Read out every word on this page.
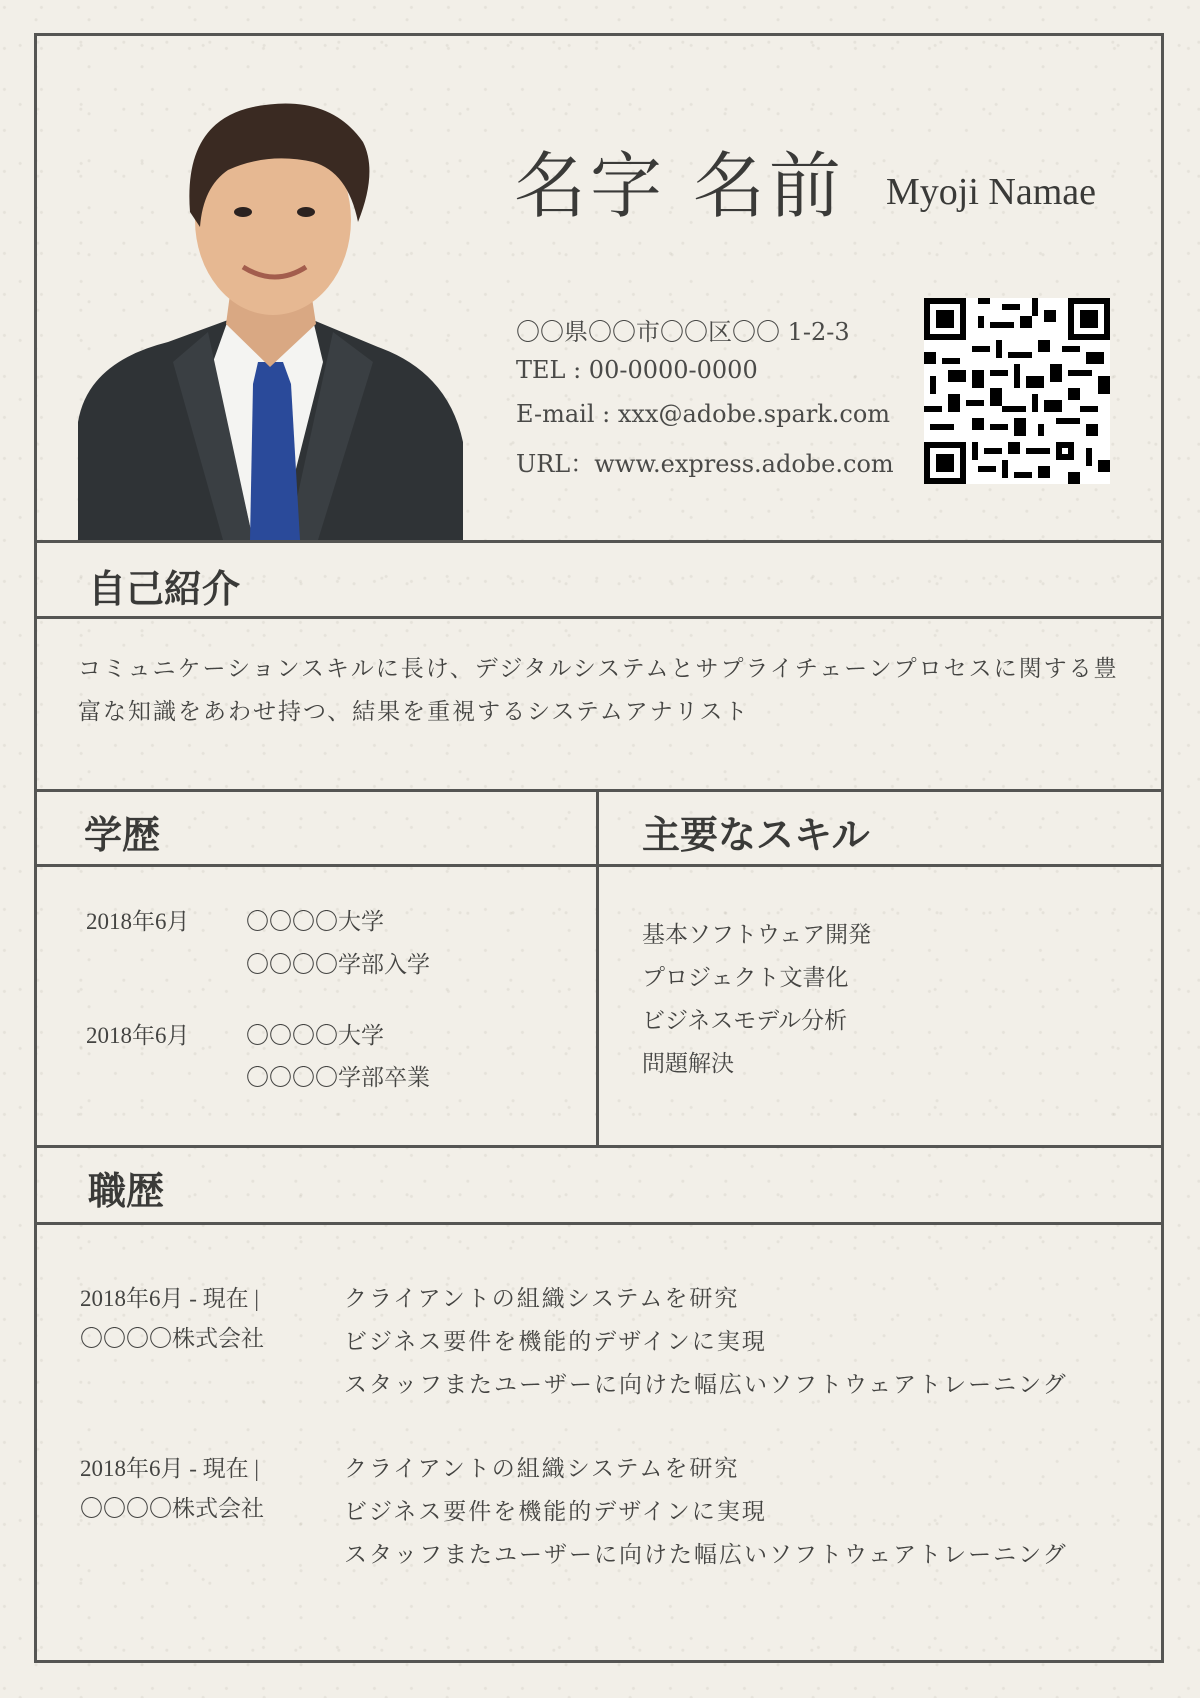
名字 名前 Myoji Namae

〇〇県〇〇市〇〇区〇〇 1-2-3

TEL : 00-0000-0000

E-mail : xxx@adobe.spark.com

URL：www.express.adobe.com

自己紹介

コミュニケーションスキルに長け、デジタルシステムとサプライチェーンプロセスに関する豊

富な知識をあわせ持つ、結果を重視するシステムアナリスト

学歴

2018年6月 〇〇〇〇大学

〇〇〇〇学部入学

2018年6月 〇〇〇〇大学

〇〇〇〇学部卒業

主要なスキル

基本ソフトウェア開発

プロジェクト文書化

ビジネスモデル分析

問題解決

職歴

2018年6月 - 現在 |

〇〇〇〇株式会社

クライアントの組織システムを研究

ビジネス要件を機能的デザインに実現

スタッフまたユーザーに向けた幅広いソフトウェアトレーニング

2018年6月 - 現在 |

〇〇〇〇株式会社

クライアントの組織システムを研究

ビジネス要件を機能的デザインに実現

スタッフまたユーザーに向けた幅広いソフトウェアトレーニング
